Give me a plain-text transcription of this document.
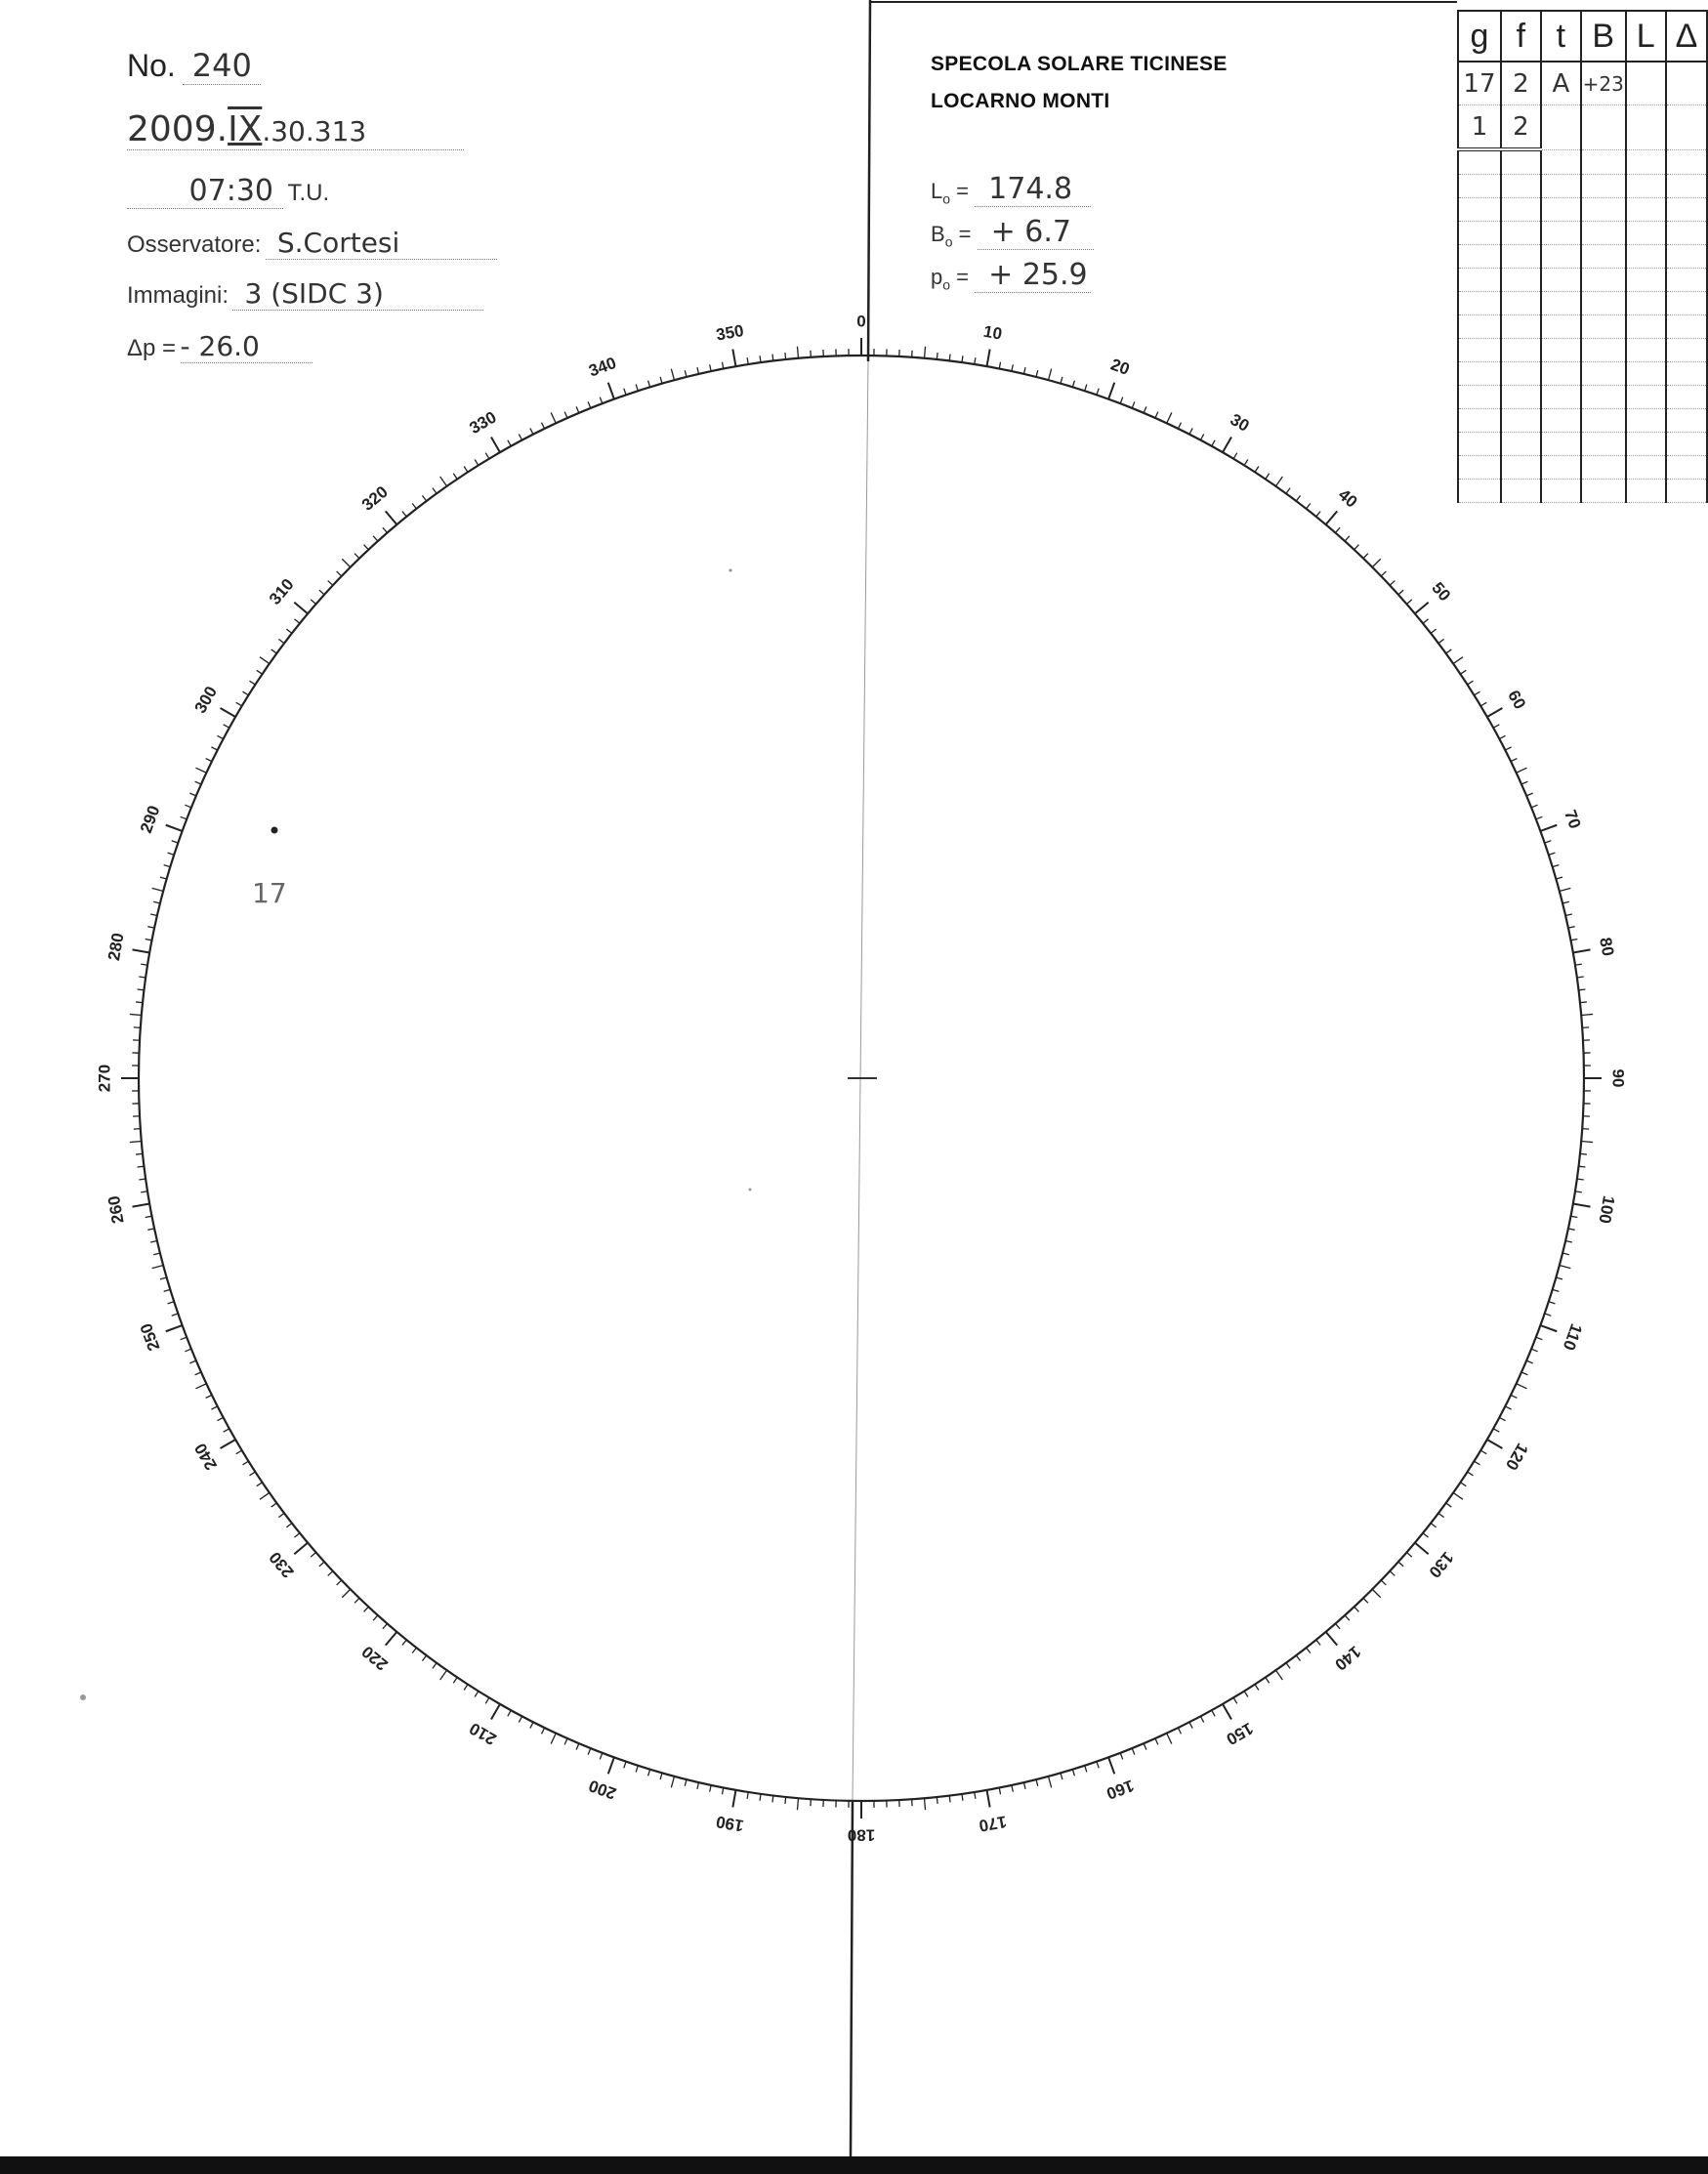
No. 240
2009.IX.30.313
07:30 T.U.
Osservatore: S.Cortesi
Immagini: 3 (SIDC 3)
Δp = - 26.0
SPECOLA SOLARE TICINESE
LOCARNO MONTI
$L_o = 174.8$
$B_o$ = + 6.7
$p_o$ = + 25.9
g	f	t	B	L	Δ
17	2	A	+23		
1	2				

0
10
20
30
40
50
60
70
80
90
100
110
120
130
140
150
160
170
180
190
200
210
220
230
240
250
260
270
280
290
300
310
320
330
340
350
17
